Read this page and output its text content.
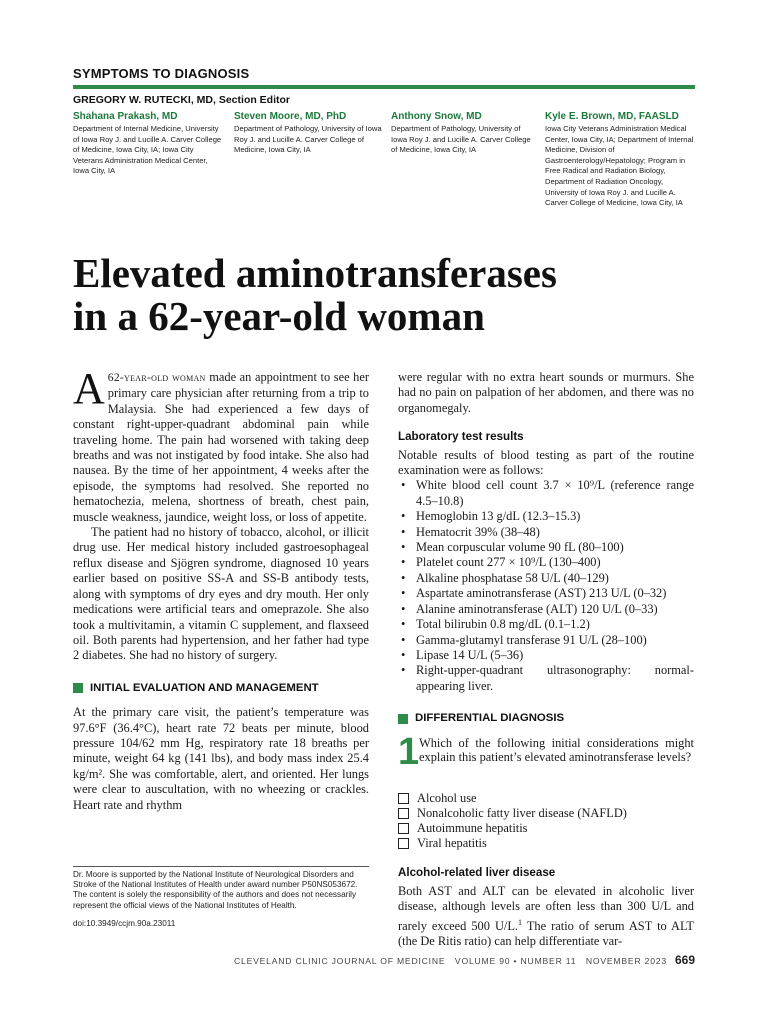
SYMPTOMS TO DIAGNOSIS
GREGORY W. RUTECKI, MD, Section Editor
Shahana Prakash, MD
Department of Internal Medicine, University of Iowa Roy J. and Lucille A. Carver College of Medicine, Iowa City, IA; Iowa City Veterans Administration Medical Center, Iowa City, IA
Steven Moore, MD, PhD
Department of Pathology, University of Iowa Roy J. and Lucille A. Carver College of Medicine, Iowa City, IA
Anthony Snow, MD
Department of Pathology, University of Iowa Roy J. and Lucille A. Carver College of Medicine, Iowa City, IA
Kyle E. Brown, MD, FAASLD
Iowa City Veterans Administration Medical Center, Iowa City, IA; Department of Internal Medicine, Division of Gastroenterology/Hepatology; Program in Free Radical and Radiation Biology, Department of Radiation Oncology, University of Iowa Roy J. and Lucille A. Carver College of Medicine, Iowa City, IA
Elevated aminotransferases
in a 62-year-old woman

A 62-year-old woman made an appointment to see her primary care physician after returning from a trip to Malaysia. She had experienced a few days of constant right-upper-quadrant abdominal pain while traveling home. The pain had worsened with taking deep breaths and was not instigated by food intake. She also had nausea. By the time of her appointment, 4 weeks after the episode, the symptoms had resolved. She reported no hematochezia, melena, shortness of breath, chest pain, muscle weakness, jaundice, weight loss, or loss of appetite.

The patient had no history of tobacco, alcohol, or illicit drug use. Her medical history included gastroesophageal reflux disease and Sjögren syndrome, diagnosed 10 years earlier based on positive SS-A and SS-B antibody tests, along with symptoms of dry eyes and dry mouth. Her only medications were artificial tears and omeprazole. She also took a multivitamin, a vitamin C supplement, and flaxseed oil. Both parents had hypertension, and her father had type 2 diabetes. She had no history of surgery.

INITIAL EVALUATION AND MANAGEMENT

At the primary care visit, the patient’s temperature was 97.6°F (36.4°C), heart rate 72 beats per minute, blood pressure 104/62 mm Hg, respiratory rate 18 breaths per minute, weight 64 kg (141 lbs), and body mass index 25.4 kg/m². She was comfortable, alert, and oriented. Her lungs were clear to auscultation, with no wheezing or crackles. Heart rate and rhythm

were regular with no extra heart sounds or murmurs. She had no pain on palpation of her abdomen, and there was no organomegaly.

Laboratory test results

Notable results of blood testing as part of the routine examination were as follows:

• White blood cell count 3.7 × 10⁹/L (reference range 4.5–10.8)
• Hemoglobin 13 g/dL (12.3–15.3)
• Hematocrit 39% (38–48)
• Mean corpuscular volume 90 fL (80–100)
• Platelet count 277 × 10⁹/L (130–400)
• Alkaline phosphatase 58 U/L (40–129)
• Aspartate aminotransferase (AST) 213 U/L (0–32)
• Alanine aminotransferase (ALT) 120 U/L (0–33)
• Total bilirubin 0.8 mg/dL (0.1–1.2)
• Gamma-glutamyl transferase 91 U/L (28–100)
• Lipase 14 U/L (5–36)
• Right-upper-quadrant ultrasonography: normal-appearing liver.
DIFFERENTIAL DIAGNOSIS
1 Which of the following initial considerations might explain this patient’s elevated aminotransferase levels?

Alcohol use
Nonalcoholic fatty liver disease (NAFLD)
Autoimmune hepatitis
Viral hepatitis
Alcohol-related liver disease

Both AST and ALT can be elevated in alcoholic liver disease, although levels are often less than 300 U/L and rarely exceed 500 U/L.$^1$ The ratio of serum AST to ALT (the De Ritis ratio) can help differentiate var-

Dr. Moore is supported by the National Institute of Neurological Disorders and Stroke of the National Institutes of Health under award number P50NS053672. The content is solely the responsibility of the authors and does not necessarily represent the official views of the National Institutes of Health.

doi:10.3949/ccjm.90a.23011

CLEVELAND CLINIC JOURNAL OF MEDICINE   VOLUME 90 • NUMBER 11   NOVEMBER 2023 669
